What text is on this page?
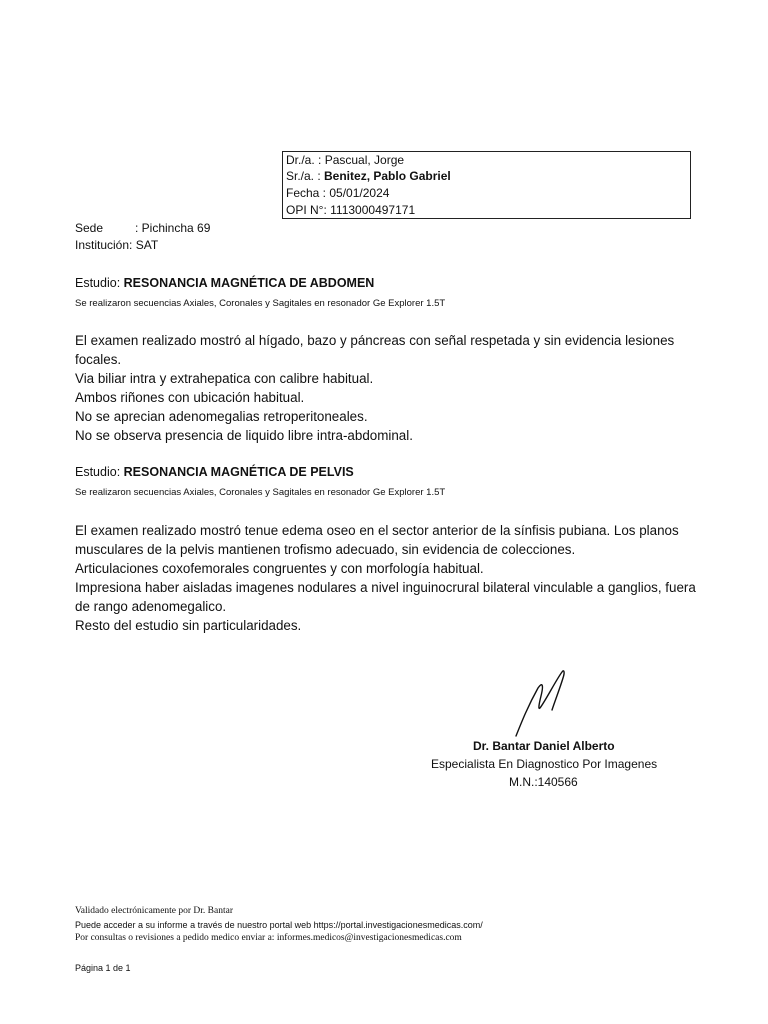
Dr./a. : Pascual, Jorge
Sr./a. : Benitez, Pablo Gabriel
Fecha : 05/01/2024
OPI N°: 1113000497171
Sede	: Pichincha 69
Institución: SAT
Estudio: RESONANCIA MAGNÉTICA DE ABDOMEN
Se realizaron secuencias Axiales, Coronales y Sagitales en resonador Ge Explorer 1.5T
El examen realizado mostró al hígado, bazo y páncreas con señal respetada y sin evidencia lesiones
focales.
Via biliar intra y extrahepatica con calibre habitual.
Ambos riñones con ubicación habitual.
No se aprecian adenomegalias retroperitoneales.
No se observa presencia de liquido libre intra-abdominal.
Estudio: RESONANCIA MAGNÉTICA DE PELVIS
Se realizaron secuencias Axiales, Coronales y Sagitales en resonador Ge Explorer 1.5T
El examen realizado mostró tenue edema oseo en el sector anterior de la sínfisis pubiana. Los planos
musculares de la pelvis mantienen trofismo adecuado, sin evidencia de colecciones.
Articulaciones coxofemorales congruentes y con morfología habitual.
Impresiona haber aisladas imagenes nodulares a nivel inguinocrural bilateral vinculable a ganglios, fuera
de rango adenomegalico.
Resto del estudio sin particularidades.
Dr. Bantar Daniel Alberto
Especialista En Diagnostico Por Imagenes
M.N.:140566
Validado electrónicamente por Dr. Bantar
Puede acceder a su informe a través de nuestro portal web https://portal.investigacionesmedicas.com/
Por consultas o revisiones a pedido medico enviar a: informes.medicos@investigacionesmedicas.com
Página 1 de 1
